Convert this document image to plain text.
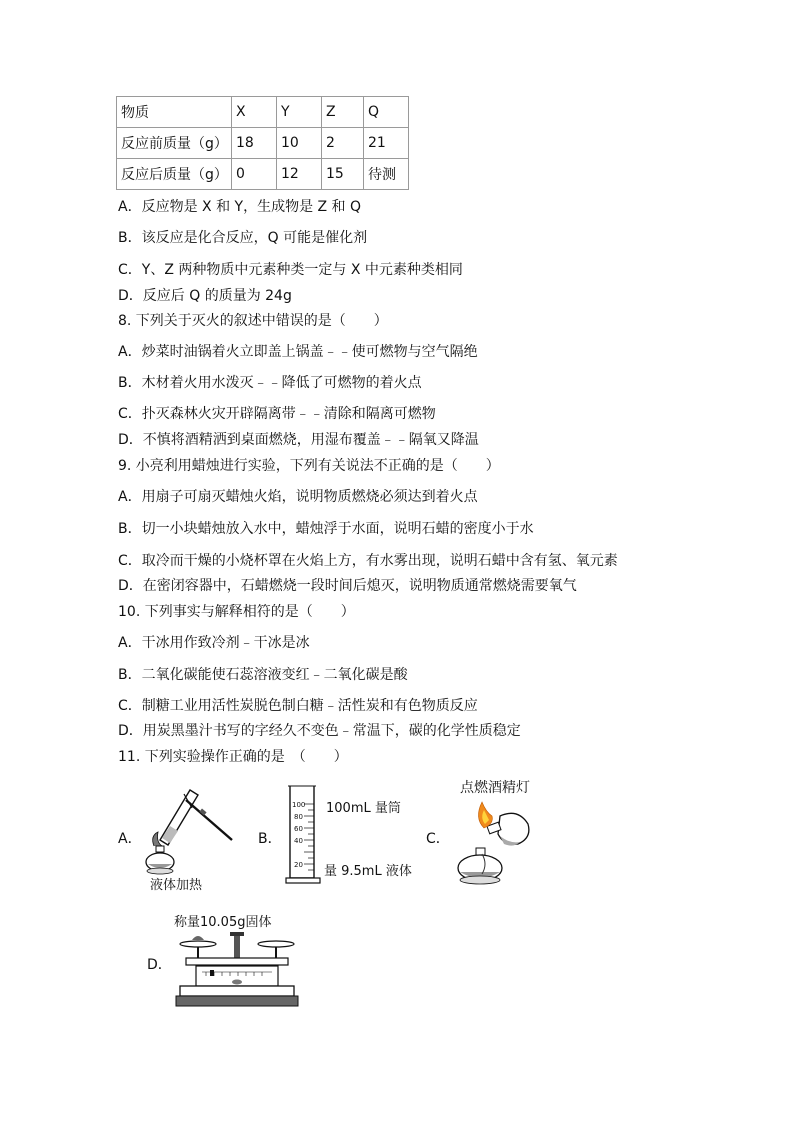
物质	X	Y	Z	Q
反应前质量（g）	18	10	2	21
反应后质量（g）	0	12	15	待测
A．反应物是 X 和 Y，生成物是 Z 和 Q
B．该反应是化合反应，Q 可能是催化剂
C．Y、Z 两种物质中元素种类一定与 X 中元素种类相同
D．反应后 Q 的质量为 24g
8. 下列关于灭火的叙述中错误的是（　　）
A．炒菜时油锅着火立即盖上锅盖﹣﹣使可燃物与空气隔绝
B．木材着火用水泼灭﹣﹣降低了可燃物的着火点
C．扑灭森林火灾开辟隔离带﹣﹣清除和隔离可燃物
D．不慎将酒精洒到桌面燃烧，用湿布覆盖﹣﹣隔氧又降温
9. 小亮利用蜡烛进行实验，下列有关说法不正确的是（　　）
A．用扇子可扇灭蜡烛火焰，说明物质燃烧必须达到着火点
B．切一小块蜡烛放入水中，蜡烛浮于水面，说明石蜡的密度小于水
C．取冷而干燥的小烧杯罩在火焰上方，有水雾出现，说明石蜡中含有氢、氧元素
D．在密闭容器中，石蜡燃烧一段时间后熄灭，说明物质通常燃烧需要氧气
10. 下列事实与解释相符的是（　　）
A．干冰用作致冷剂﹣干冰是冰
B．二氧化碳能使石蕊溶液变红﹣二氧化碳是酸
C．制糖工业用活性炭脱色制白糖﹣活性炭和有色物质反应
D．用炭黑墨汁书写的字经久不变色﹣常温下，碳的化学性质稳定
11. 下列实验操作正确的是　（　　）
A．
液体加热
B．
100
80
60
40
20
100mL 量筒
量 9.5mL 液体
点燃酒精灯
C．
称量10.05g固体
D．
